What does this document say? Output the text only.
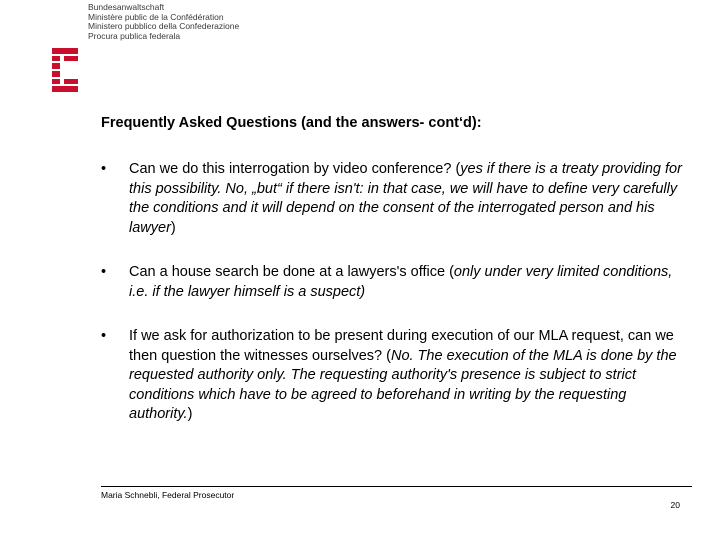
Bundesanwaltschaft
Ministère public de la Confédération
Ministero pubblico della Confederazione
Procura publica federala
Frequently Asked Questions (and the answers- cont‘d):
• Can we do this interrogation by video conference? (yes if there is a treaty providing for this possibility. No, „but“ if there isn't: in that case, we will have to define very carefully the conditions and it will depend on the consent of the interrogated person and his lawyer)
• Can a house search be done at a lawyers's office (only under very limited conditions, i.e. if the lawyer himself is a suspect)
• If we ask for authorization to be present during execution of our MLA request, can we then question the witnesses ourselves? (No. The execution of the MLA is done by the requested authority only. The requesting authority's presence is subject to strict conditions which have to be agreed to beforehand in writing by the requesting authority.)
Maria Schnebli, Federal Prosecutor
20
